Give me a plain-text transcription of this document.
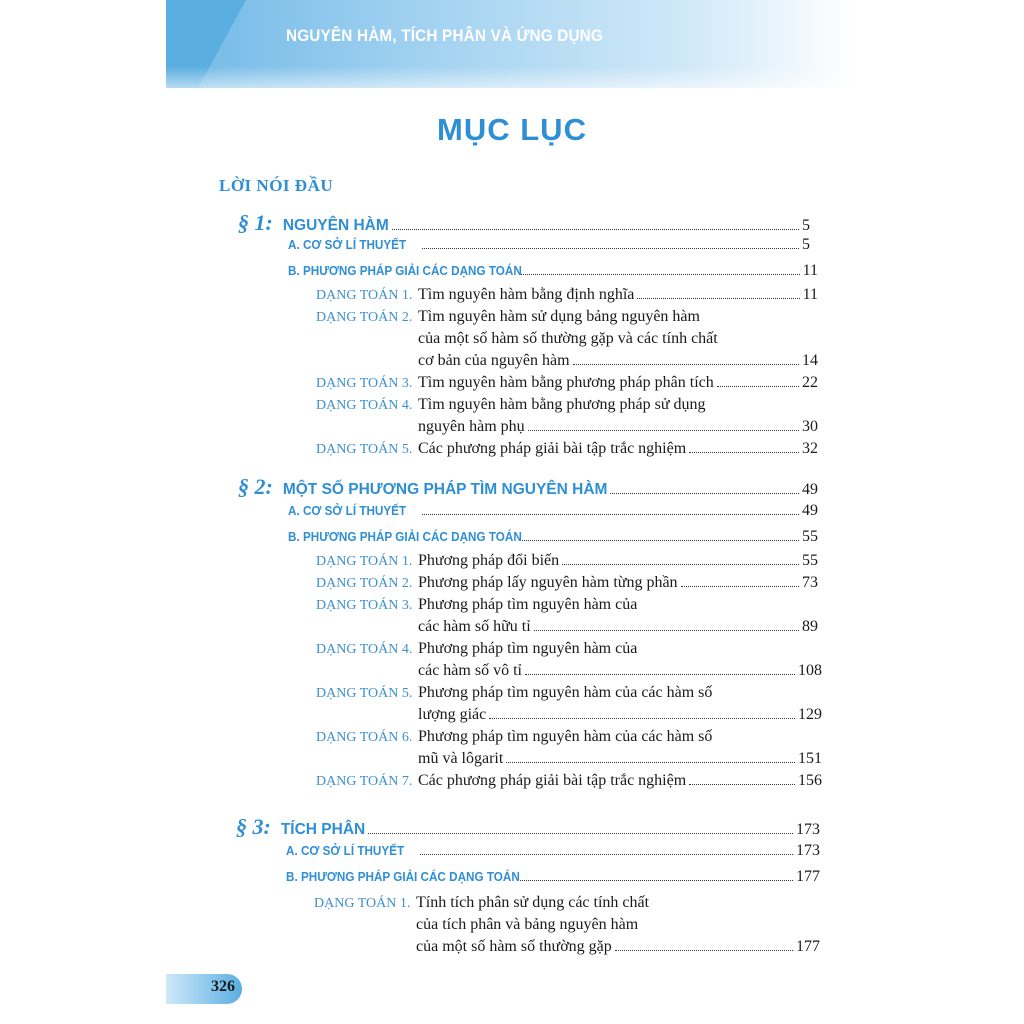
NGUYÊN HÀM, TÍCH PHÂN VÀ ỨNG DỤNG
MỤC LỤC
LỜI NÓI ĐẦU
§ 1: NGUYÊN HÀM	5
A. CƠ SỞ LÍ THUYẾT	5
B. PHƯƠNG PHÁP GIẢI CÁC DẠNG TOÁN	11
DẠNG TOÁN 1. Tìm nguyên hàm bằng định nghĩa	11
DẠNG TOÁN 2. Tìm nguyên hàm sử dụng bảng nguyên hàm
của một số hàm số thường gặp và các tính chất
cơ bản của nguyên hàm	14
DẠNG TOÁN 3. Tìm nguyên hàm bằng phương pháp phân tích	22
DẠNG TOÁN 4. Tìm nguyên hàm bằng phương pháp sử dụng
nguyên hàm phụ	30
DẠNG TOÁN 5. Các phương pháp giải bài tập trắc nghiệm	32
§ 2: MỘT SỐ PHƯƠNG PHÁP TÌM NGUYÊN HÀM	49
A. CƠ SỞ LÍ THUYẾT	49
B. PHƯƠNG PHÁP GIẢI CÁC DẠNG TOÁN	55
DẠNG TOÁN 1. Phương pháp đổi biến	55
DẠNG TOÁN 2. Phương pháp lấy nguyên hàm từng phần	73
DẠNG TOÁN 3. Phương pháp tìm nguyên hàm của
các hàm số hữu tỉ	89
DẠNG TOÁN 4. Phương pháp tìm nguyên hàm của
các hàm số vô tỉ	108
DẠNG TOÁN 5. Phương pháp tìm nguyên hàm của các hàm số
lượng giác	129
DẠNG TOÁN 6. Phương pháp tìm nguyên hàm của các hàm số
mũ và lôgarit	151
DẠNG TOÁN 7. Các phương pháp giải bài tập trắc nghiệm	156
§ 3: TÍCH PHÂN	173
A. CƠ SỞ LÍ THUYẾT	173
B. PHƯƠNG PHÁP GIẢI CÁC DẠNG TOÁN	177
DẠNG TOÁN 1. Tính tích phân sử dụng các tính chất
của tích phân và bảng nguyên hàm
của một số hàm số thường gặp	177
326
